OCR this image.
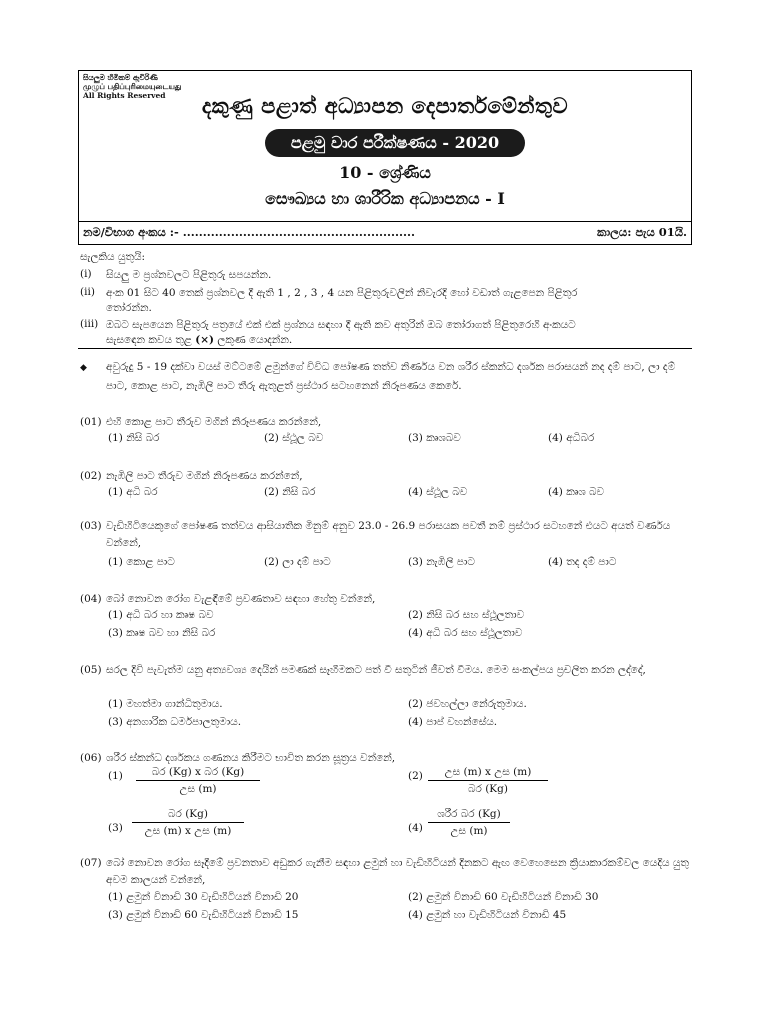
සියලුම හිමිකම් ඇවිරිණි
முழுப் பதிப்புரிமையுடையது
All Rights Reserved	දකුණු පළාත් අධ්‍යාපන දෙපාර්තමේන්තුව
පළමු වාර පරීක්ෂණය - 2020
10 - ශ්‍රේණිය
සෞඛ්‍යය හා ශාරීරික අධ්‍යාපනය - I
නම/විභාග අංකය :- ..........................................................	කාලය: පැය 01යි.
සැලකිය යුතුයි:
(i) සියලු ම ප්‍රශ්නවලට පිළිතුරු සපයන්න.
(ii) අංක 01 සිට 40 තෙක් ප්‍රශ්නවල දී ඇති 1 , 2 , 3 , 4 යන පිළිතුරුවලින් නිවැරදි හෝ වඩාත් ගැළපෙන පිළිතුර
තෝරන්න.
(iii) ඔබට සැපයෙන පිළිතුරු පත්‍රයේ එක් එක් ප්‍රශ්නය සඳහා දී ඇති කව අතුරින් ඔබ තෝරාගත් පිළිතුරෙහි අංකයට
සැසඳෙන කවය තුළ (×) ලකුණ යොදන්න.
◆ අවුරුදු 5 - 19 දක්වා වයස් මට්ටමේ ළමුන්ගේ විවිධ පෝෂණ තත්ව නිර්ණය වන ශරීර ස්කන්ධ දර්ශක පරාසයන් නද දම් පාට, ලා දම් පාට, කොළ පාට, නැඹිලි පාට තීරු ඇතුළත් ප්‍රස්ථාර සටහනෙන් නිරූපණය කෙරේ.
(01) එහි කොළ පාට තීරුව මගින් නිරූපණය කරන්නේ,
(1) නිසි බර	(2) ස්ථූල බව	(3) කෘශබව	(4) අධිබර
(02) නැඹිලි පාට තීරුව මගින් නිරූපණය කරන්නේ,
(1) අධි බර	(2) නිසි බර	(4) ස්ථූල බව	(4) කෘශ බව
(03) වැඩිහිටියෙකුගේ පෝෂණ තත්වය ආසියාතික මිනුම් අනුව 23.0 - 26.9 පරාසයක පවතී නම් ප්‍රස්ථාර සටහනේ එයට අයත් වර්ණය වන්නේ,
(1) කොළ පාට	(2) ලා දම් පාට	(3) නැඹිලි පාට	(4) තද දම් පාට
(04) බෝ නොවන රෝග වැළඳීමේ ප්‍රවණතාව සඳහා හේතු වන්නේ,
(1) අධි බර හා කෘෂ බව	(2) නිසි බර සහ ස්ථූලතාව
(3) කෘෂ බව හා නිසි බර	(4) අධි බර සහ ස්ථූලතාව
(05) සරල දිවි පැවැත්ම යනු අත්‍යවශ්‍ය දෙයින් පමණක් සෑහීමකට පත් වී සතුටින් ජීවත් වීමය. මෙම සංකල්පය ප්‍රචලිත කරන ලද්දේ,
(1) මහත්මා ගාන්ධිතුමාය.	(2) ජවහල්ලා නේරුතුමාය.
(3) අනගාරික ධර්මපාලතුමාය.	(4) පාප් වහන්සේය.
(06) ශරීර ස්කන්ධ දර්ශකය ගණනය කිරීමට භාවිත කරන සූත්‍රය වන්නේ,
(1)	බර (Kg) x බර (Kg)
උස (m)
(2)	උස (m) x උස (m)
බර (Kg)
(3)
බර (Kg)
උස (m) x උස (m)	(4)
ශරීර බර (Kg)
උස (m)
(07) බෝ නොවන රෝග සෑදීමේ ප්‍රවනතාව අඩුකර ගැනීම සඳහා ළමුන් හා වැඩිහිටියන් දිනකට ඇඟ වෙහෙසෙන ක්‍රියාකාරකම්වල යෙදිය යුතු අවම කාලයන් වන්නේ,
(1) ළමුන් විනාඩි 30 වැඩිහිටියන් විනාඩි 20	(2) ළමුන් විනාඩි 60 වැඩිහිටියන් විනාඩි 30
(3) ළමුන් විනාඩි 60 වැඩිහිටියන් විනාඩි 15	(4) ළමුන් හා වැඩිහිටියන් විනාඩි 45
